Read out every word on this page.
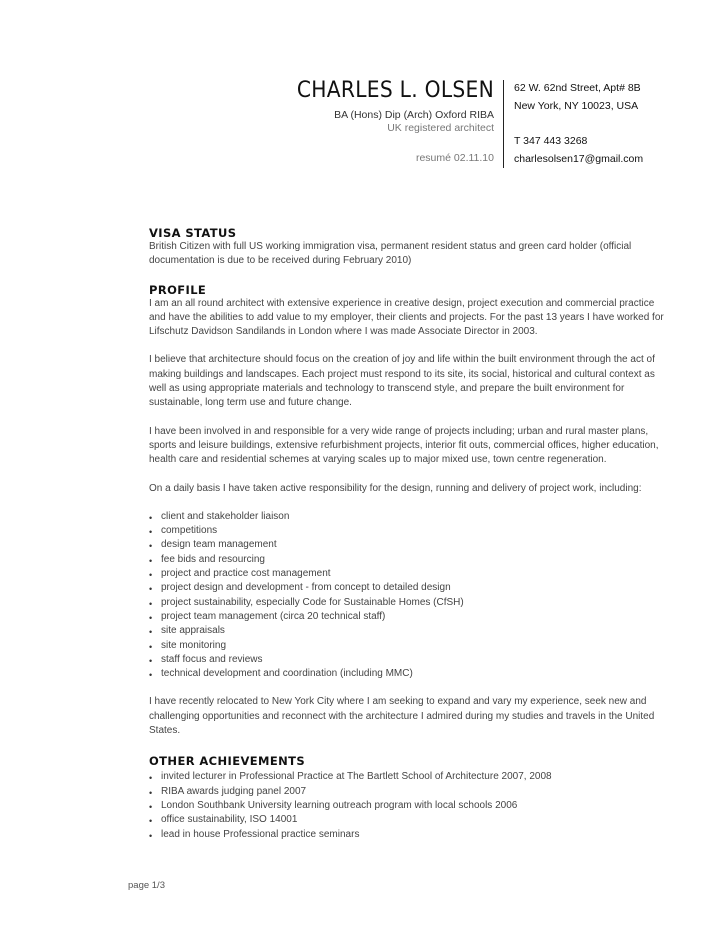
CHARLES L. OLSEN
BA (Hons) Dip (Arch) Oxford RIBA
UK registered architect
resumé 02.11.10
62 W. 62nd Street, Apt# 8B
New York, NY 10023, USA
T 347 443 3268
charlesolsen17@gmail.com
VISA STATUS

British Citizen with full US working immigration visa, permanent resident status and green card holder (official documentation is due to be received during February 2010)

PROFILE

I am an all round architect with extensive experience in creative design, project execution and commercial practice and have the abilities to add value to my employer, their clients and projects. For the past 13 years I have worked for Lifschutz Davidson Sandilands in London where I was made Associate Director in 2003.

I believe that architecture should focus on the creation of joy and life within the built environment through the act of making buildings and landscapes. Each project must respond to its site, its social, historical and cultural context as well as using appropriate materials and technology to transcend style, and prepare the built environment for sustainable, long term use and future change.

I have been involved in and responsible for a very wide range of projects including; urban and rural master plans, sports and leisure buildings, extensive refurbishment projects, interior fit outs, commercial offices, higher education, health care and residential schemes at varying scales up to major mixed use, town centre regeneration.

On a daily basis I have taken active responsibility for the design, running and delivery of project work, including:

• client and stakeholder liaison
• competitions
• design team management
• fee bids and resourcing
• project and practice cost management
• project design and development - from concept to detailed design
• project sustainability, especially Code for Sustainable Homes (CfSH)
• project team management (circa 20 technical staff)
• site appraisals
• site monitoring
• staff focus and reviews
• technical development and coordination (including MMC)

I have recently relocated to New York City where I am seeking to expand and vary my experience, seek new and challenging opportunities and reconnect with the architecture I admired during my studies and travels in the United States.

OTHER ACHIEVEMENTS
• invited lecturer in Professional Practice at The Bartlett School of Architecture 2007, 2008
• RIBA awards judging panel 2007
• London Southbank University learning outreach program with local schools 2006
• office sustainability, ISO 14001
• lead in house Professional practice seminars
page 1/3
